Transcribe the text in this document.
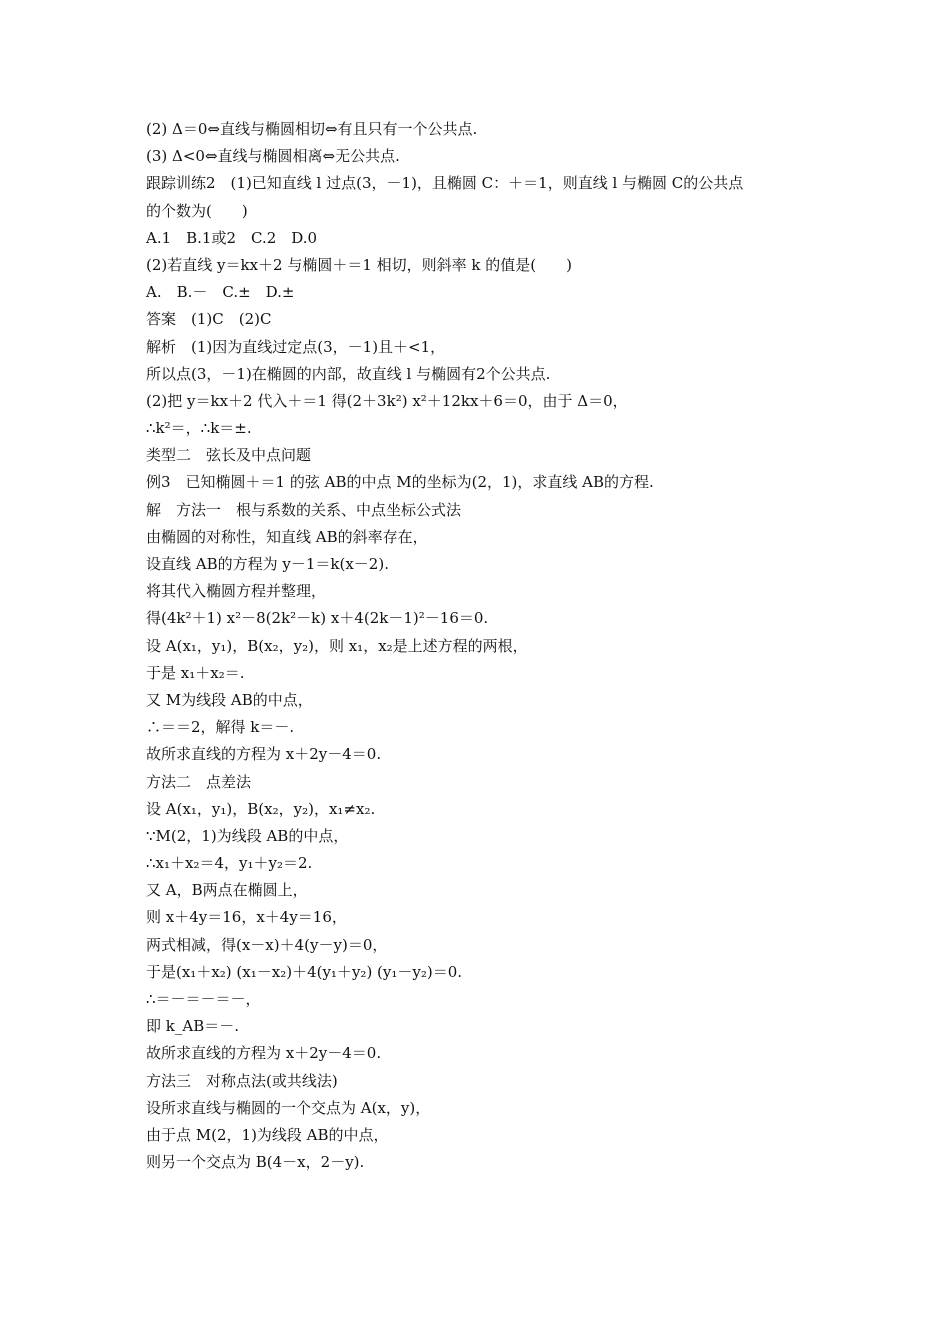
(2) Δ＝0⇔直线与椭圆相切⇔有且只有一个公共点.
(3) Δ<0⇔直线与椭圆相离⇔无公共点.
跟踪训练2　(1)已知直线 l 过点(3，－1)，且椭圆 C：＋＝1，则直线 l 与椭圆 C的公共点
的个数为(　　)
A.1　B.1或2　C.2　D.0
(2)若直线 y＝kx＋2 与椭圆＋＝1 相切，则斜率 k 的值是(　　)
A.　B.－　C.±　D.±
答案　(1)C　(2)C
解析　(1)因为直线过定点(3，－1)且＋<1，
所以点(3，－1)在椭圆的内部，故直线 l 与椭圆有2个公共点.
(2)把 y＝kx＋2 代入＋＝1 得(2＋3k²) x²＋12kx＋6＝0，由于 Δ＝0，
∴k²＝，∴k＝±.
类型二　弦长及中点问题
例3　已知椭圆＋＝1 的弦 AB的中点 M的坐标为(2，1)，求直线 AB的方程.
解　方法一　根与系数的关系、中点坐标公式法
由椭圆的对称性，知直线 AB的斜率存在，
设直线 AB的方程为 y－1＝k(x－2).
将其代入椭圆方程并整理，
得(4k²＋1) x²－8(2k²－k) x＋4(2k－1)²－16＝0.
设 A(x₁，y₁)，B(x₂，y₂)，则 x₁，x₂是上述方程的两根，
于是 x₁＋x₂＝.
又 M为线段 AB的中点，
∴＝＝2，解得 k＝－.
故所求直线的方程为 x＋2y－4＝0.
方法二　点差法
设 A(x₁，y₁)，B(x₂，y₂)，x₁≠x₂.
∵M(2，1)为线段 AB的中点，
∴x₁＋x₂＝4，y₁＋y₂＝2.
又 A，B两点在椭圆上，
则 x＋4y＝16，x＋4y＝16，
两式相减，得(x－x)＋4(y－y)＝0，
于是(x₁＋x₂) (x₁－x₂)＋4(y₁＋y₂) (y₁－y₂)＝0.
∴＝－＝－＝－，
即 k_AB＝－.
故所求直线的方程为 x＋2y－4＝0.
方法三　对称点法(或共线法)
设所求直线与椭圆的一个交点为 A(x，y)，
由于点 M(2，1)为线段 AB的中点，
则另一个交点为 B(4－x，2－y).
